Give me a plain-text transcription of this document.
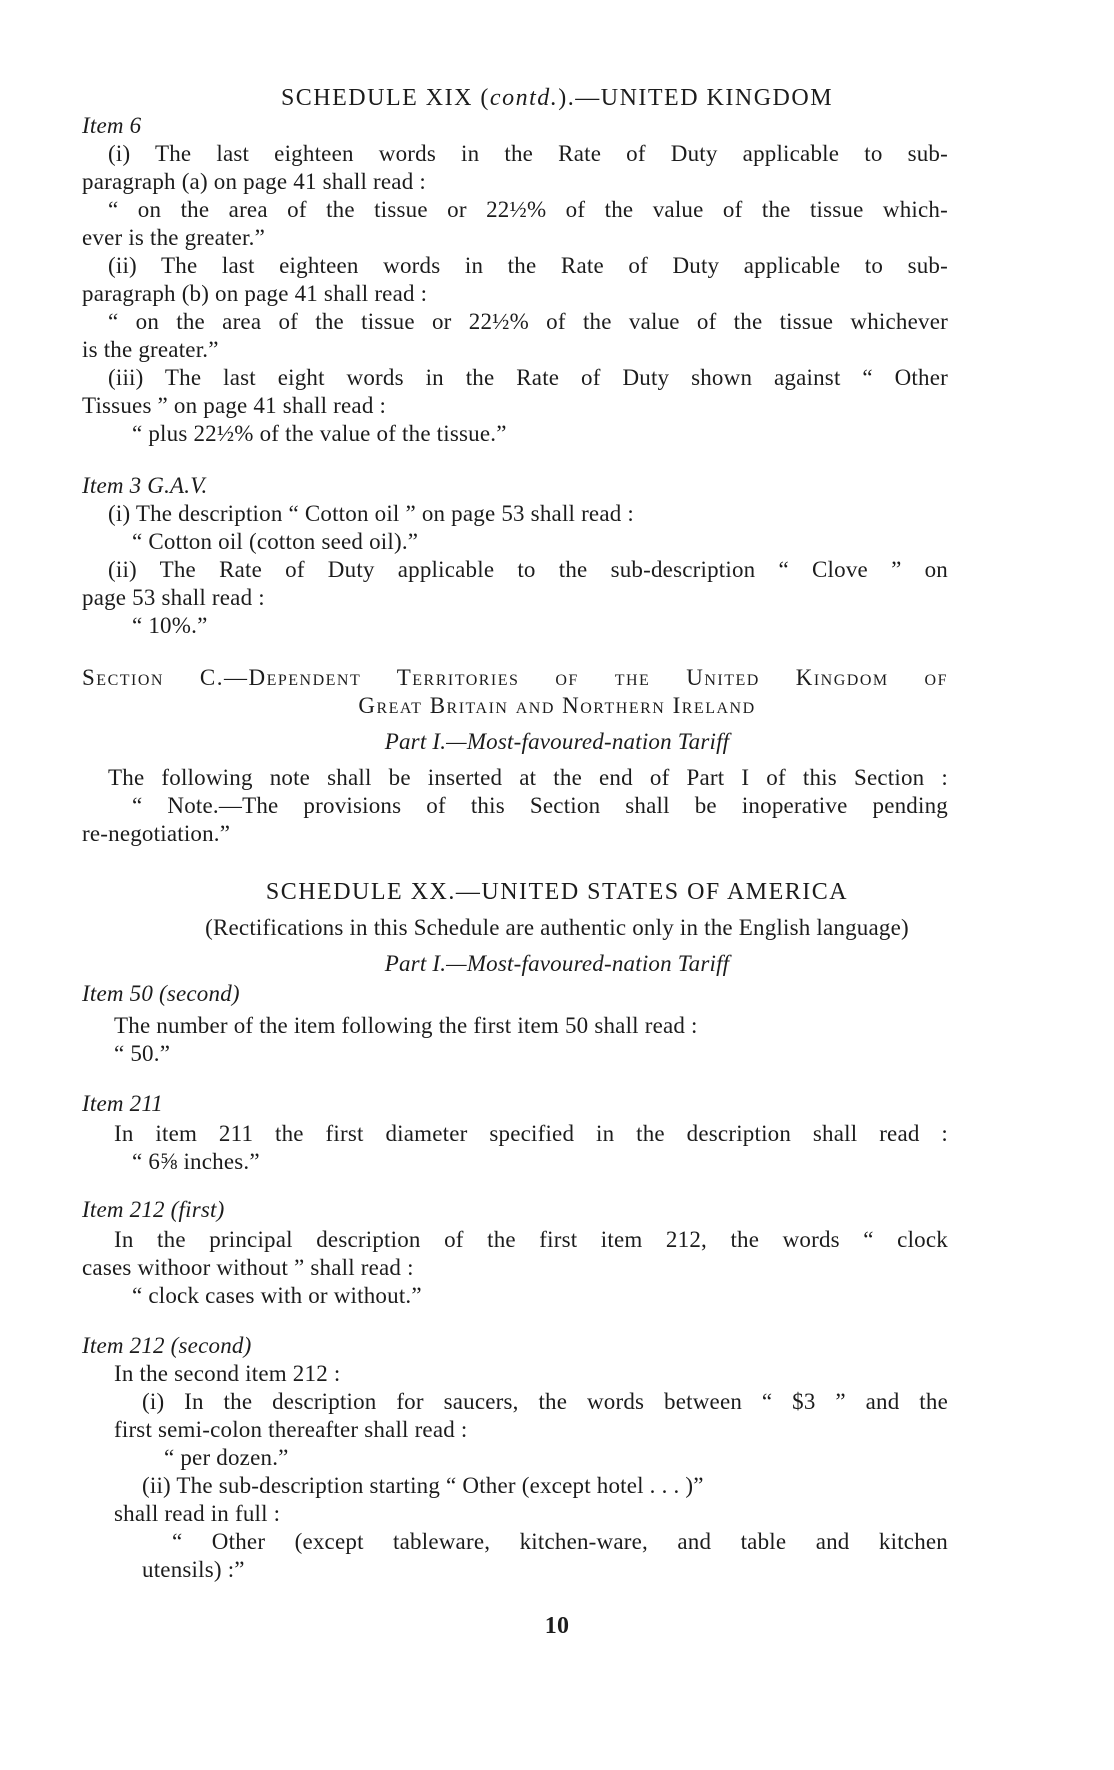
SCHEDULE XIX (contd.).—UNITED KINGDOM
Item 6
(i) The last eighteen words in the Rate of Duty applicable to sub-
paragraph (a) on page 41 shall read :
“ on the area of the tissue or 22½% of the value of the tissue which-
ever is the greater.”
(ii) The last eighteen words in the Rate of Duty applicable to sub-
paragraph (b) on page 41 shall read :
“ on the area of the tissue or 22½% of the value of the tissue whichever
is the greater.”
(iii) The last eight words in the Rate of Duty shown against “ Other
Tissues ” on page 41 shall read :
“ plus 22½% of the value of the tissue.”
Item 3 G.A.V.
(i) The description “ Cotton oil ” on page 53 shall read :
“ Cotton oil (cotton seed oil).”
(ii) The Rate of Duty applicable to the sub-description “ Clove ” on
page 53 shall read :
“ 10%.”
Section C.—Dependent Territories of the United Kingdom of
Great Britain and Northern Ireland
Part I.—Most-favoured-nation Tariff
The following note shall be inserted at the end of Part I of this Section :
“ Note.—The provisions of this Section shall be inoperative pending
re-negotiation.”
SCHEDULE XX.—UNITED STATES OF AMERICA
(Rectifications in this Schedule are authentic only in the English language)
Part I.—Most-favoured-nation Tariff
Item 50 (second)
The number of the item following the first item 50 shall read :
“ 50.”
Item 211
In item 211 the first diameter specified in the description shall read :
“ 6⅝ inches.”
Item 212 (first)
In the principal description of the first item 212, the words “ clock
cases withoor without ” shall read :
“ clock cases with or without.”
Item 212 (second)
In the second item 212 :
(i) In the description for saucers, the words between “ $3 ” and the
first semi-colon thereafter shall read :
“ per dozen.”
(ii) The sub-description starting “ Other (except hotel . . . )”
shall read in full :
“ Other (except tableware, kitchen-ware, and table and kitchen
utensils) :”
10
